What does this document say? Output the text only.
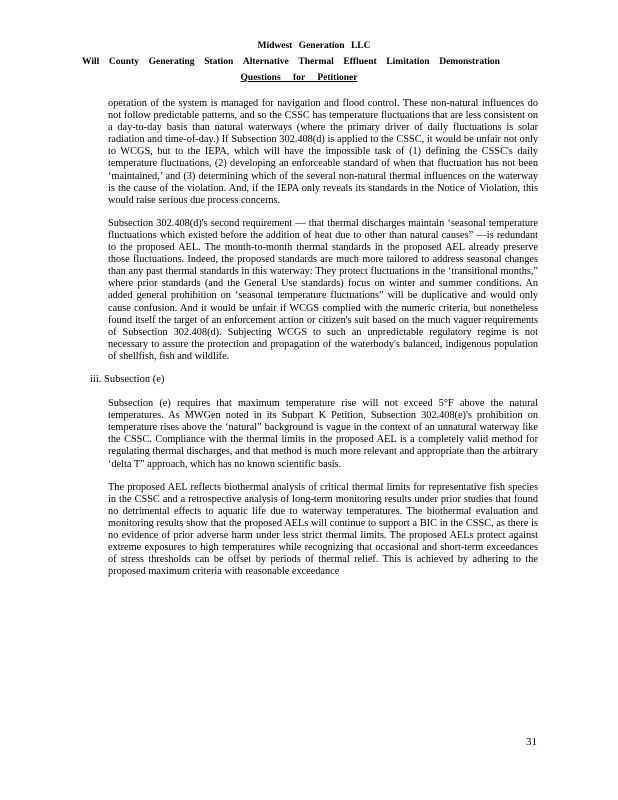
Midwest Generation LLC
Will County Generating Station Alternative Thermal Effluent Limitation Demonstration
Questions for Petitioner

operation of the system is managed for navigation and flood control. These non-natural influences do not follow predictable patterns, and so the CSSC has temperature fluctuations that are less consistent on a day-to-day basis than natural waterways (where the primary driver of daily fluctuations is solar radiation and time-of-day.) If Subsection 302.408(d) is applied to the CSSC, it would be unfair not only to WCGS, but to the IEPA, which will have the impossible task of (1) defining the CSSC's daily temperature fluctuations, (2) developing an enforceable standard of when that fluctuation has not been ‘maintained,’ and (3) determining which of the several non-natural thermal influences on the waterway is the cause of the violation. And, if the IEPA only reveals its standards in the Notice of Violation, this would raise serious due process concerns.

Subsection 302.408(d)'s second requirement — that thermal discharges maintain ‘seasonal temperature fluctuations which existed before the addition of heat due to other than natural causes” —is redundant to the proposed AEL. The month-to-month thermal standards in the proposed AEL already preserve those fluctuations. Indeed, the proposed standards are much more tailored to address seasonal changes than any past thermal standards in this waterway: They protect fluctuations in the ‘transitional months,” where prior standards (and the General Use standards) focus on winter and summer conditions. An added general prohibition on ‘seasonal temperature fluctuations” will be duplicative and would only cause confusion. And it would be unfair if WCGS complied with the numeric criteria, but nonetheless found itself the target of an enforcement action or citizen's suit based on the much vaguer requirements of Subsection 302.408(d). Subjecting WCGS to such an unpredictable regulatory regime is not necessary to assure the protection and propagation of the waterbody's balanced, indigenous population of shellfish, fish and wildlife.

iii. Subsection (e)

Subsection (e) requires that maximum temperature rise will not exceed 5°F above the natural temperatures. As MWGen noted in its Subpart K Petition, Subsection 302.408(e)'s prohibition on temperature rises above the ‘natural” background is vague in the context of an unnatural waterway like the CSSC. Compliance with the thermal limits in the proposed AEL is a completely valid method for regulating thermal discharges, and that method is much more relevant and appropriate than the arbitrary ‘delta T” approach, which has no known scientific basis.

The proposed AEL reflects biothermal analysis of critical thermal limits for representative fish species in the CSSC and a retrospective analysis of long-term monitoring results under prior studies that found no detrimental effects to aquatic life due to waterway temperatures. The biothermal evaluation and monitoring results show that the proposed AELs will continue to support a BIC in the CSSC, as there is no evidence of prior adverse harm under less strict thermal limits. The proposed AELs protect against extreme exposures to high temperatures while recognizing that occasional and short-term exceedances of stress thresholds can be offset by periods of thermal relief. This is achieved by adhering to the proposed maximum criteria with reasonable exceedance

31
